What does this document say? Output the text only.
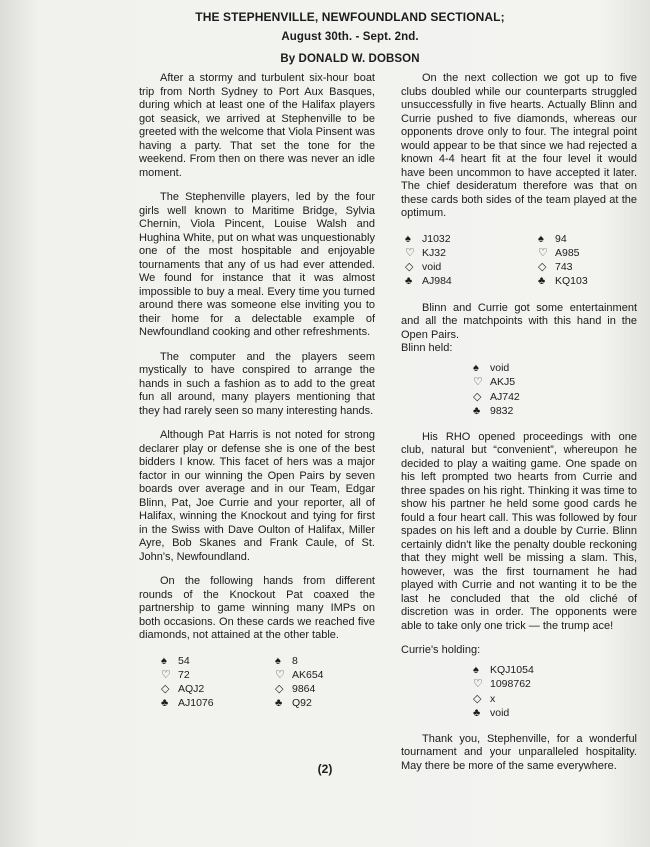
THE STEPHENVILLE, NEWFOUNDLAND SECTIONAL;
August 30th. - Sept. 2nd.
By DONALD W. DOBSON

After a stormy and turbulent six-hour boat trip from North Sydney to Port Aux Basques, during which at least one of the Halifax players got seasick, we arrived at Stephenville to be greeted with the welcome that Viola Pinsent was having a party. That set the tone for the weekend. From then on there was never an idle moment.

The Stephenville players, led by the four girls well known to Maritime Bridge, Sylvia Chernin, Viola Pincent, Louise Walsh and Hughina White, put on what was unquestionably one of the most hospitable and enjoyable tournaments that any of us had ever attended. We found for instance that it was almost impossible to buy a meal. Every time you turned around there was someone else inviting you to their home for a delectable example of Newfoundland cooking and other refreshments.

The computer and the players seem mystically to have conspired to arrange the hands in such a fashion as to add to the great fun all around, many players mentioning that they had rarely seen so many interesting hands.

Although Pat Harris is not noted for strong declarer play or defense she is one of the best bidders I know. This facet of hers was a major factor in our winning the Open Pairs by seven boards over average and in our Team, Edgar Blinn, Pat, Joe Currie and your reporter, all of Halifax, winning the Knockout and tying for first in the Swiss with Dave Oulton of Halifax, Miller Ayre, Bob Skanes and Frank Caule, of St. John's, Newfoundland.

On the following hands from different rounds of the Knockout Pat coaxed the partnership to game winning many IMPs on both occasions. On these cards we reached five diamonds, not attained at the other table.

♠ 54
♡ 72
◇ AQJ2
♣ AJ1076
♠ 8
♡ AK654
◇ 9864
♣ Q92

On the next collection we got up to five clubs doubled while our counterparts struggled unsuccessfully in five hearts. Actually Blinn and Currie pushed to five diamonds, whereas our opponents drove only to four. The integral point would appear to be that since we had rejected a known 4-4 heart fit at the four level it would have been uncommon to have accepted it later. The chief desideratum therefore was that on these cards both sides of the team played at the optimum.

♠ J1032
♡ KJ32
◇ void
♣ AJ984
♠ 94
♡ A985
◇ 743
♣ KQ103

Blinn and Currie got some entertainment and all the matchpoints with this hand in the Open Pairs.

Blinn held:

♠ void
♡ AKJ5
◇ AJ742
♣ 9832

His RHO opened proceedings with one club, natural but “convenient”, whereupon he decided to play a waiting game. One spade on his left prompted two hearts from Currie and three spades on his right. Thinking it was time to show his partner he held some good cards he fould a four heart call. This was followed by four spades on his left and a double by Currie. Blinn certainly didn't like the penalty double reckoning that they might well be missing a slam. This, however, was the first tournament he had played with Currie and not wanting it to be the last he concluded that the old cliché of discretion was in order. The opponents were able to take only one trick — the trump ace!

Currie's holding:

♠ KQJ1054
♡ 1098762
◇ x
♣ void

Thank you, Stephenville, for a wonderful tournament and your unparalleled hospitality. May there be more of the same everywhere.

(2)
